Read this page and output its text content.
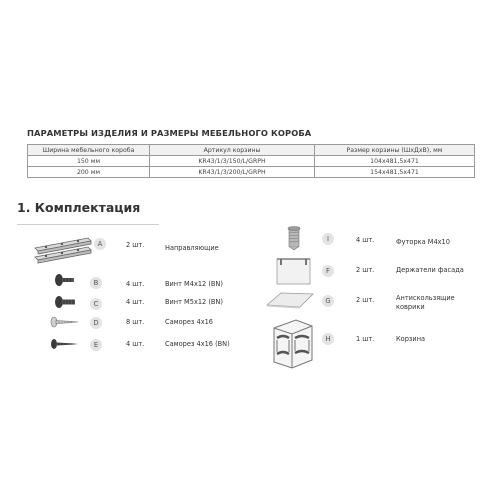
ПАРАМЕТРЫ ИЗДЕЛИЯ И РАЗМЕРЫ МЕБЕЛЬНОГО КОРОБА
Ширина мебельного короба	Артикул корзины	Размер корзины (ШхДхВ), мм
150 мм	KR43/1/3/150/L/GRPH	104x481,5x471
200 мм	KR43/1/3/200/L/GRPH	154x481,5x471
1. Комплектация
A	2 шт.	Направляющие
B	4 шт.	Винт M4x12 (BN)
C	4 шт.	Винт M5x12 (BN)
D	8 шт.	Саморез 4x16
E	4 шт.	Саморез 4x16 (BN)
I	4 шт.	Футорка M4x10
F	2 шт.	Держатели фасада
G	2 шт.	Антискользящие коврики
H	1 шт.	Корзина
